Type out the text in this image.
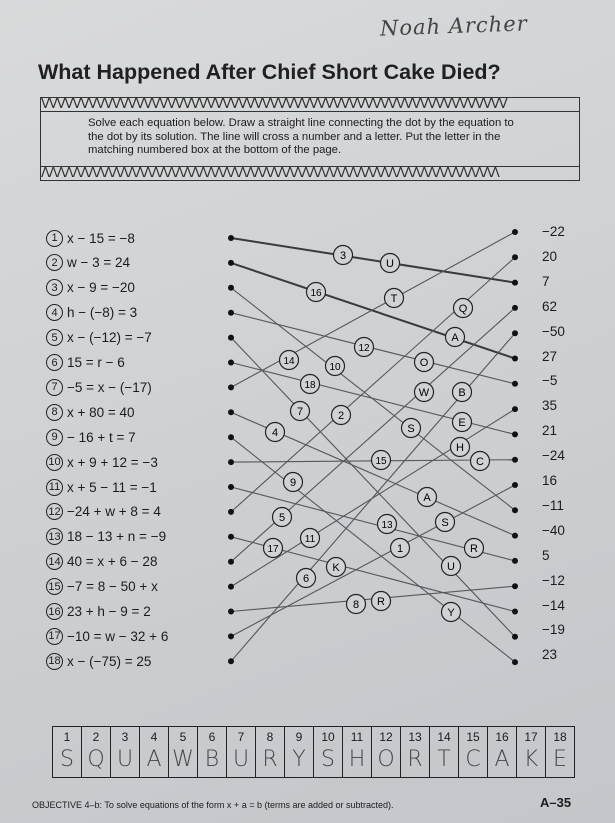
Noah Archer
What Happened After Chief Short Cake Died?
VVVVVVVVVVVVVVVVVVVVVVVVVVVVVVVVVVVVVVVVVVVVVVVVVVVVVVVVVVV
Solve each equation below. Draw a straight line connecting the dot by the equation to the dot by its solution. The line will cross a number and a letter. Put the letter in the matching numbered box at the bottom of the page.
ΛΛΛΛΛΛΛΛΛΛΛΛΛΛΛΛΛΛΛΛΛΛΛΛΛΛΛΛΛΛΛΛΛΛΛΛΛΛΛΛΛΛΛΛΛΛΛΛΛΛΛΛΛΛΛΛΛΛ
1 x − 15 = −8
2 w − 3 = 24
3 x − 9 = −20
4 h − (−8) = 3
5 x − (−12) = −7
6 15 = r − 6
7 −5 = x − (−17)
8 x + 80 = 40
9 − 16 + t = 7
10 x + 9 + 12 = −3
11 x + 5 − 11 = −1
12 −24 + w + 8 = 4
13 18 − 13 + n = −9
14 40 = x + 6 − 28
15 −7 = 8 − 50 + x
16 23 + h − 9 = 2
17 −10 = w − 32 + 6
18 x − (−75) = 25
−22
20
7
62
−50
27
−5
35
21
−24
16
−11
−40
5
−12
−14
−19
23
3
U
16	T
Q
A
12
O
14
10
18
W	B
7	2
E
S
4
H
C
15
9
A
5
13	S
11
R
17	1
K	U
6
8 R
Y
1
S
2
Q
3
U
4
A
5
W
6
B
7
U
8
R
9
Y
10
S
11
H
12
O
13
R
14
T
15
C
16
A
17
K
18
E
OBJECTIVE 4–b: To solve equations of the form x + a = b (terms are added or subtracted).	A–35
